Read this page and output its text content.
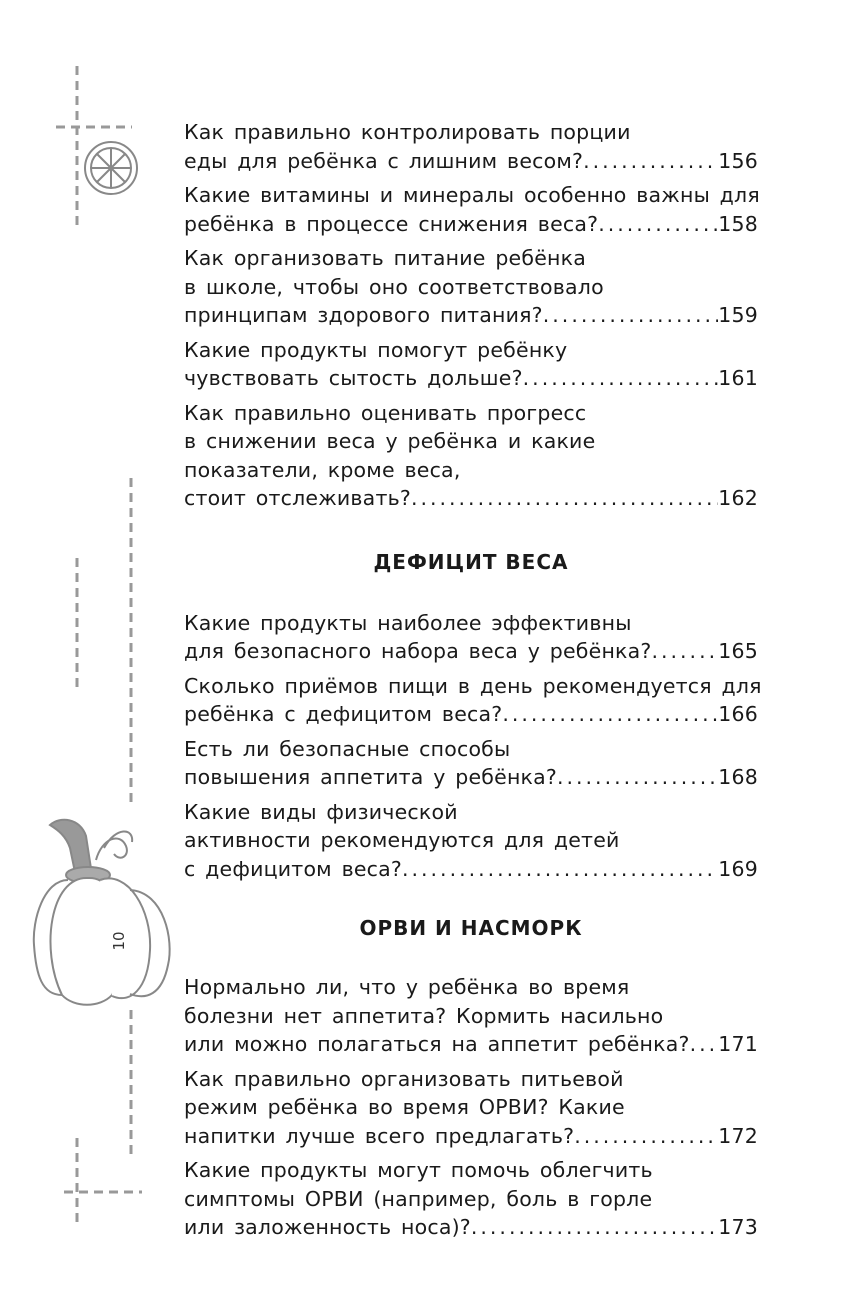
10
Как правильно контролировать порции
еды для ребёнка с лишним весом? .....	156
Какие витамины и минералы особенно важны для
ребёнка в процессе снижения веса? .....	158
Как организовать питание ребёнка
в школе, чтобы оно соответствовало
принципам здорового питания? .....	159
Какие продукты помогут ребёнку
чувствовать сытость дольше? .....	161
Как правильно оценивать прогресс
в снижении веса у ребёнка и какие
показатели, кроме веса,
стоит отслеживать? .....	162
ДЕФИЦИТ ВЕСА
Какие продукты наиболее эффективны
для безопасного набора веса у ребёнка? .....	165
Сколько приёмов пищи в день рекомендуется для
ребёнка с дефицитом веса? .....	166
Есть ли безопасные способы
повышения аппетита у ребёнка? .....	168
Какие виды физической
активности рекомендуются для детей
с дефицитом веса? .....	169
ОРВИ И НАСМОРК
Нормально ли, что у ребёнка во время
болезни нет аппетита? Кормить насильно
или можно полагаться на аппетит ребёнка? ..... 171
Как правильно организовать питьевой
режим ребёнка во время ОРВИ? Какие
напитки лучше всего предлагать? .....	172
Какие продукты могут помочь облегчить
симптомы ОРВИ (например, боль в горле
или заложенность носа)? .....	173
